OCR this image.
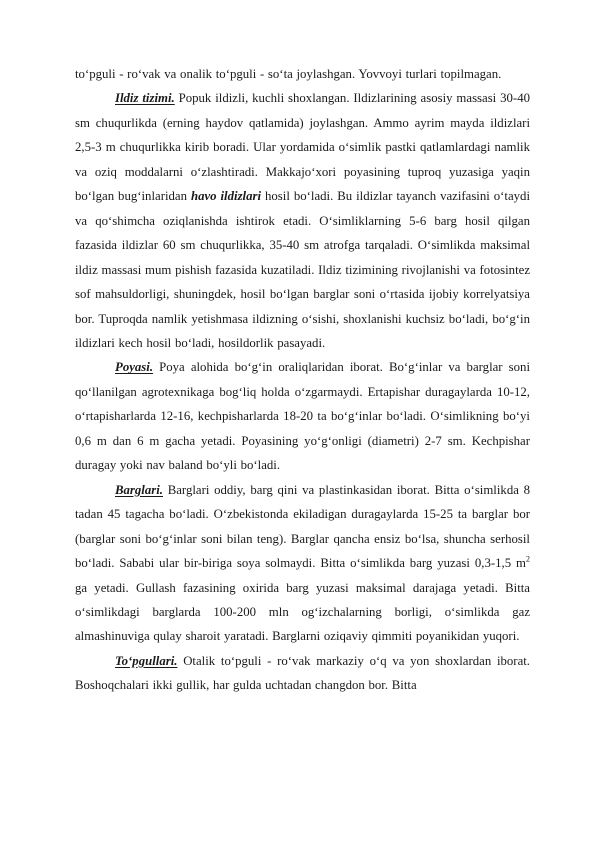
to‘pguli - ro‘vak va onalik to‘pguli - so‘ta joylashgan. Yovvoyi turlari topilmagan.

Ildiz tizimi. Popuk ildizli, kuchli shoxlangan. Ildizlarining asosiy massasi 30-40 sm chuqurlikda (erning haydov qatlamida) joylashgan. Ammo ayrim mayda ildizlari 2,5-3 m chuqurlikka kirib boradi. Ular yordamida o‘simlik pastki qatlamlardagi namlik va oziq moddalarni o‘zlashtiradi. Makkajo‘xori poyasining tuproq yuzasiga yaqin bo‘lgan bug‘inlaridan havo ildizlari hosil bo‘ladi. Bu ildizlar tayanch vazifasini o‘taydi va qo‘shimcha oziqlanishda ishtirok etadi. O‘simliklarning 5-6 barg hosil qilgan fazasida ildizlar 60 sm chuqurlikka, 35-40 sm atrofga tarqaladi. O‘simlikda maksimal ildiz massasi mum pishish fazasida kuzatiladi. Ildiz tizimining rivojlanishi va fotosintez sof mahsuldorligi, shuningdek, hosil bo‘lgan barglar soni o‘rtasida ijobiy korrelyatsiya bor. Tuproqda namlik yetishmasa ildizning o‘sishi, shoxlanishi kuchsiz bo‘ladi, bo‘g‘in ildizlari kech hosil bo‘ladi, hosildorlik pasayadi.

Poyasi. Poya alohida bo‘g‘in oraliqlaridan iborat. Bo‘g‘inlar va barglar soni qo‘llanilgan agrotexnikaga bog‘liq holda o‘zgarmaydi. Ertapishar duragaylarda 10-12, o‘rtapisharlarda 12-16, kechpisharlarda 18-20 ta bo‘g‘inlar bo‘ladi. O‘simlikning bo‘yi 0,6 m dan 6 m gacha yetadi. Poyasining yo‘g‘onligi (diametri) 2-7 sm. Kechpishar duragay yoki nav baland bo‘yli bo‘ladi.

Barglari. Barglari oddiy, barg qini va plastinkasidan iborat. Bitta o‘simlikda 8 tadan 45 tagacha bo‘ladi. O‘zbekistonda ekiladigan duragaylarda 15-25 ta barglar bor (barglar soni bo‘g‘inlar soni bilan teng). Barglar qancha ensiz bo‘lsa, shuncha serhosil bo‘ladi. Sababi ular bir-biriga soya solmaydi. Bitta o‘simlikda barg yuzasi 0,3-1,5 $m^2$ ga yetadi. Gullash fazasining oxirida barg yuzasi maksimal darajaga yetadi. Bitta o‘simlikdagi barglarda 100-200 mln og‘izchalarning borligi, o‘simlikda gaz almashinuviga qulay sharoit yaratadi. Barglarni oziqaviy qimmiti poyanikidan yuqori.

To‘pgullari. Otalik to‘pguli - ro‘vak markaziy o‘q va yon shoxlardan iborat. Boshoqchalari ikki gullik, har gulda uchtadan changdon bor. Bitta
